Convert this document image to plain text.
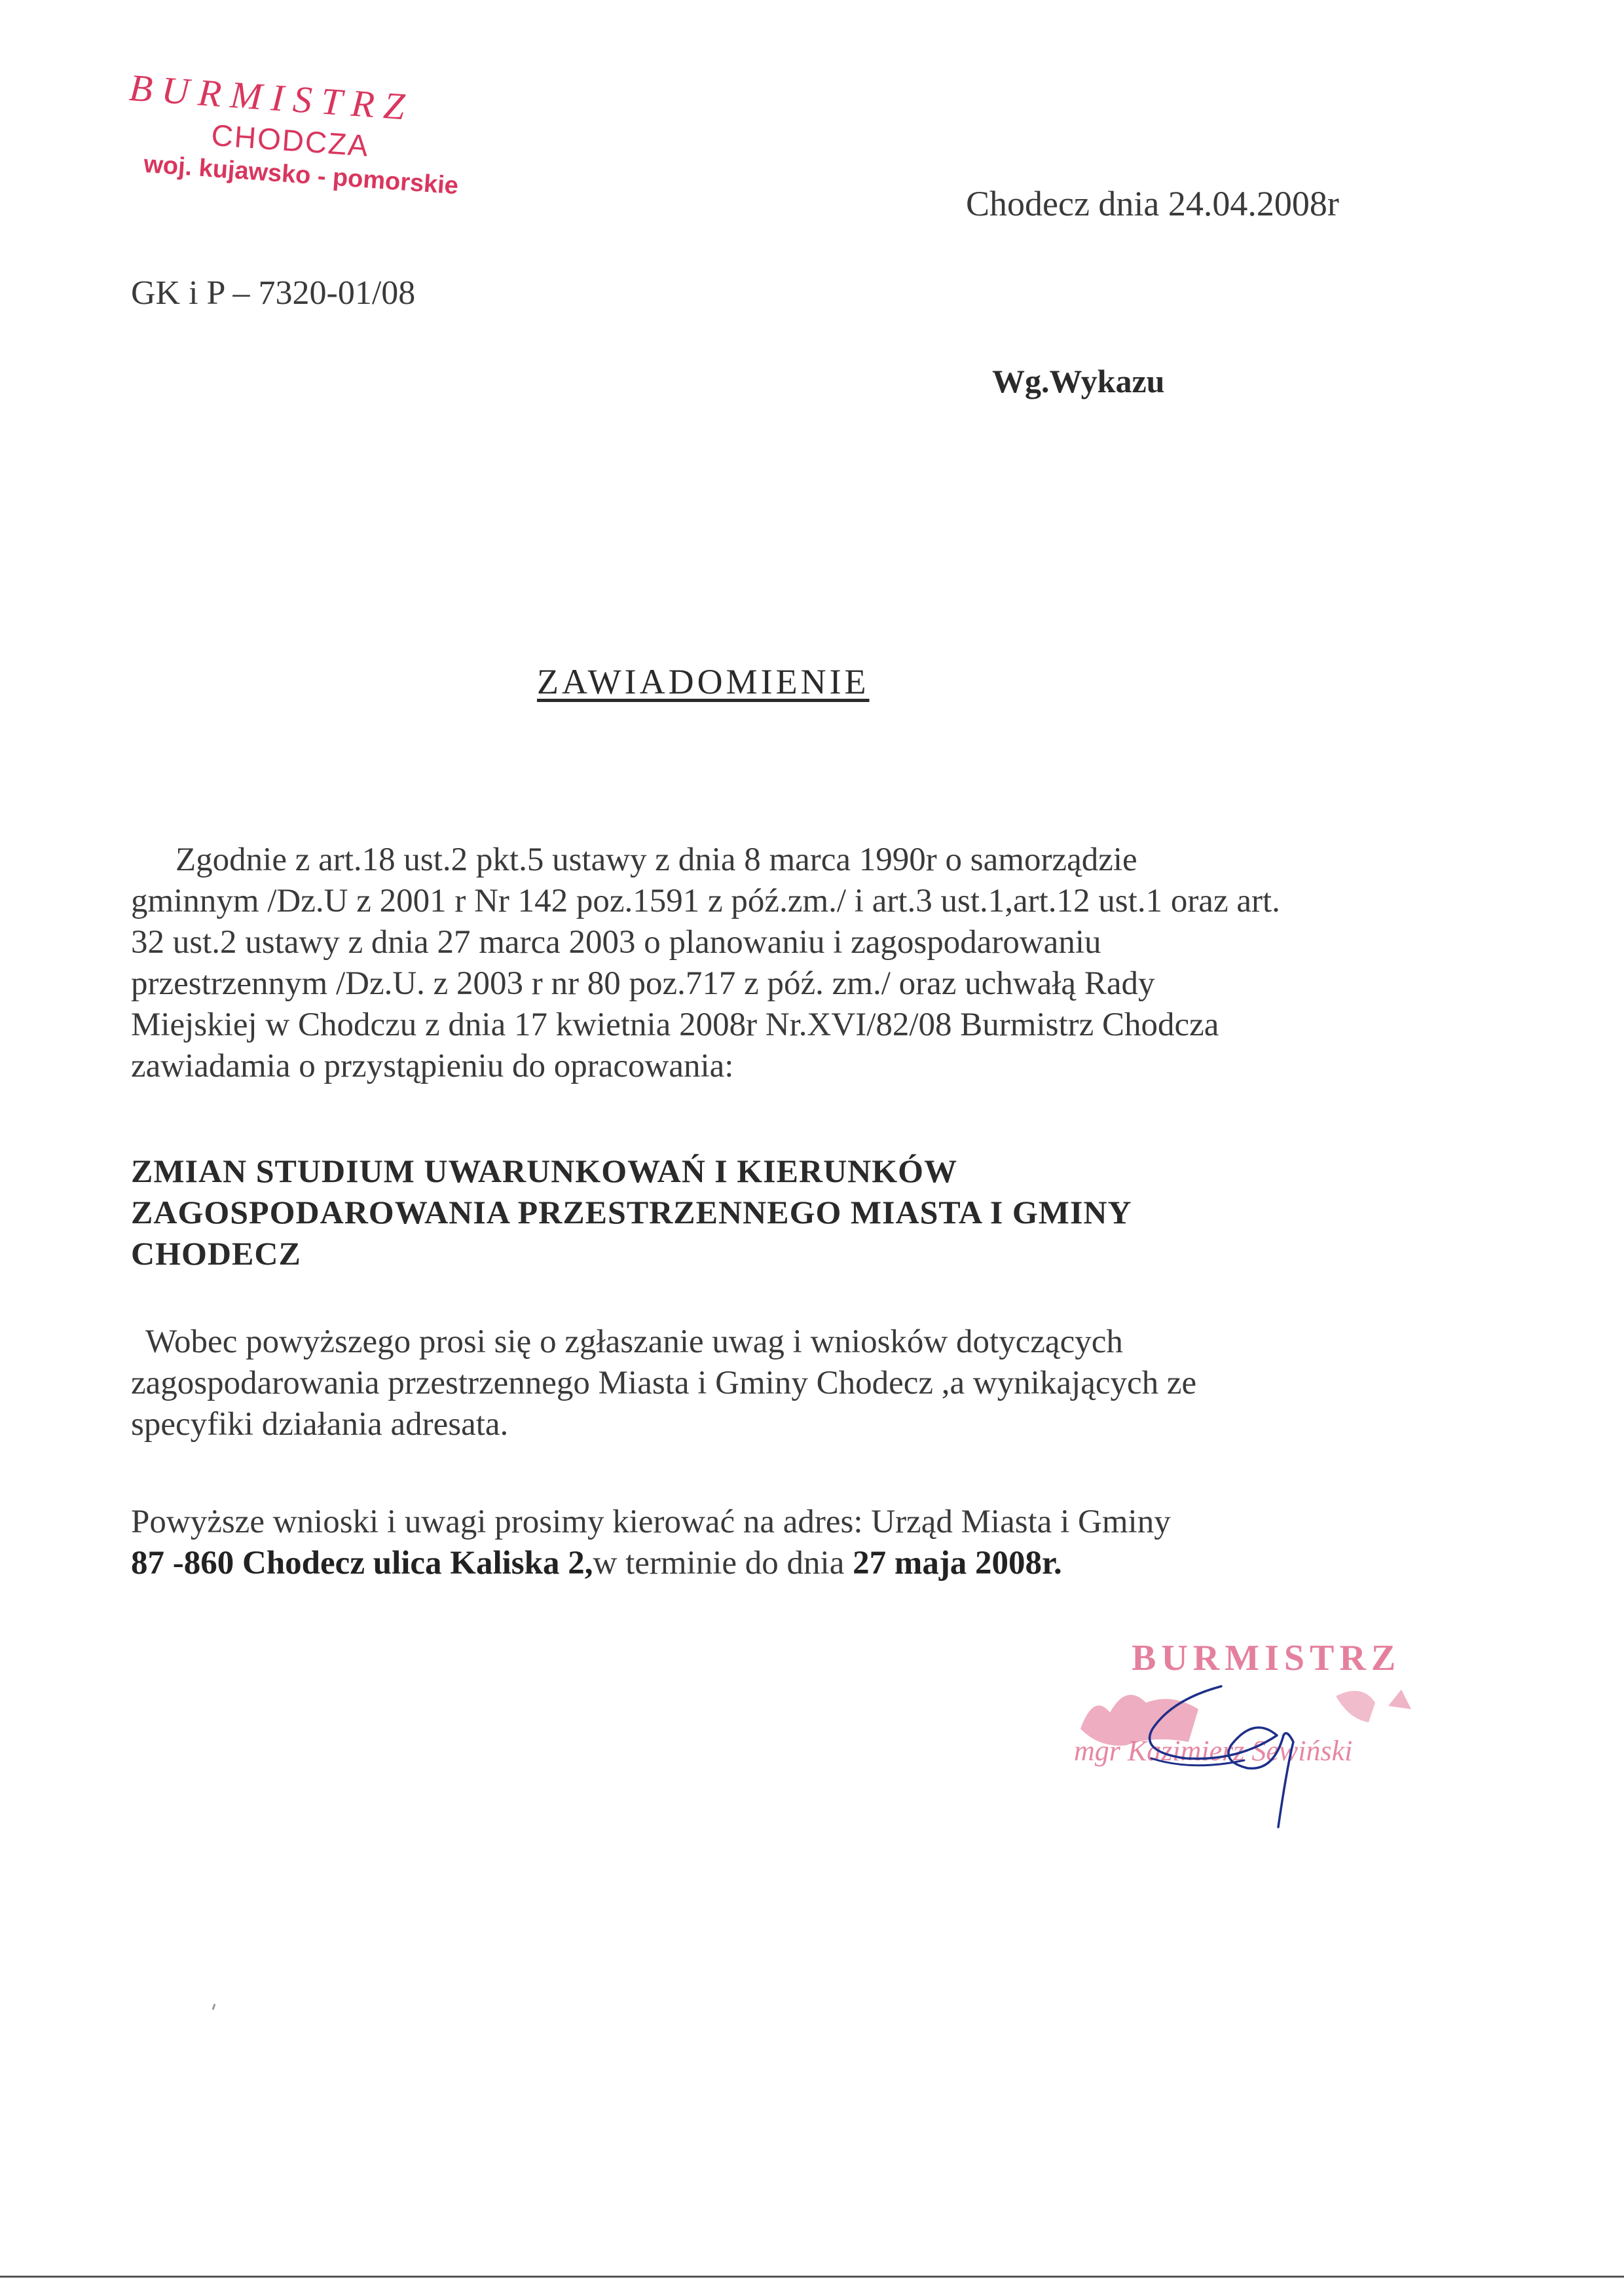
BURMISTRZ
CHODCZA
woj. kujawsko - pomorskie
Chodecz dnia 24.04.2008r
GK i P – 7320-01/08
Wg.Wykazu
ZAWIADOMIENIE
Zgodnie z art.18 ust.2 pkt.5 ustawy z dnia 8 marca 1990r o samorządzie
gminnym /Dz.U z 2001 r Nr 142 poz.1591 z póź.zm./ i art.3 ust.1,art.12 ust.1 oraz art.
32 ust.2 ustawy z dnia 27 marca 2003 o planowaniu i zagospodarowaniu
przestrzennym /Dz.U. z 2003 r nr 80 poz.717 z póź. zm./ oraz uchwałą Rady
Miejskiej w Chodczu z dnia 17 kwietnia 2008r Nr.XVI/82/08 Burmistrz Chodcza
zawiadamia o przystąpieniu do opracowania:
ZMIAN STUDIUM UWARUNKOWAŃ I KIERUNKÓW
ZAGOSPODAROWANIA PRZESTRZENNEGO MIASTA I GMINY
CHODECZ
Wobec powyższego prosi się o zgłaszanie uwag i wniosków dotyczących
zagospodarowania przestrzennego Miasta i Gminy Chodecz ,a wynikających ze
specyfiki działania adresata.
Powyższe wnioski i uwagi prosimy kierować na adres: Urząd Miasta i Gminy
87 -860 Chodecz ulica Kaliska 2,w terminie do dnia 27 maja 2008r.
BURMISTRZ
mgr Kazimierz Sewiński
